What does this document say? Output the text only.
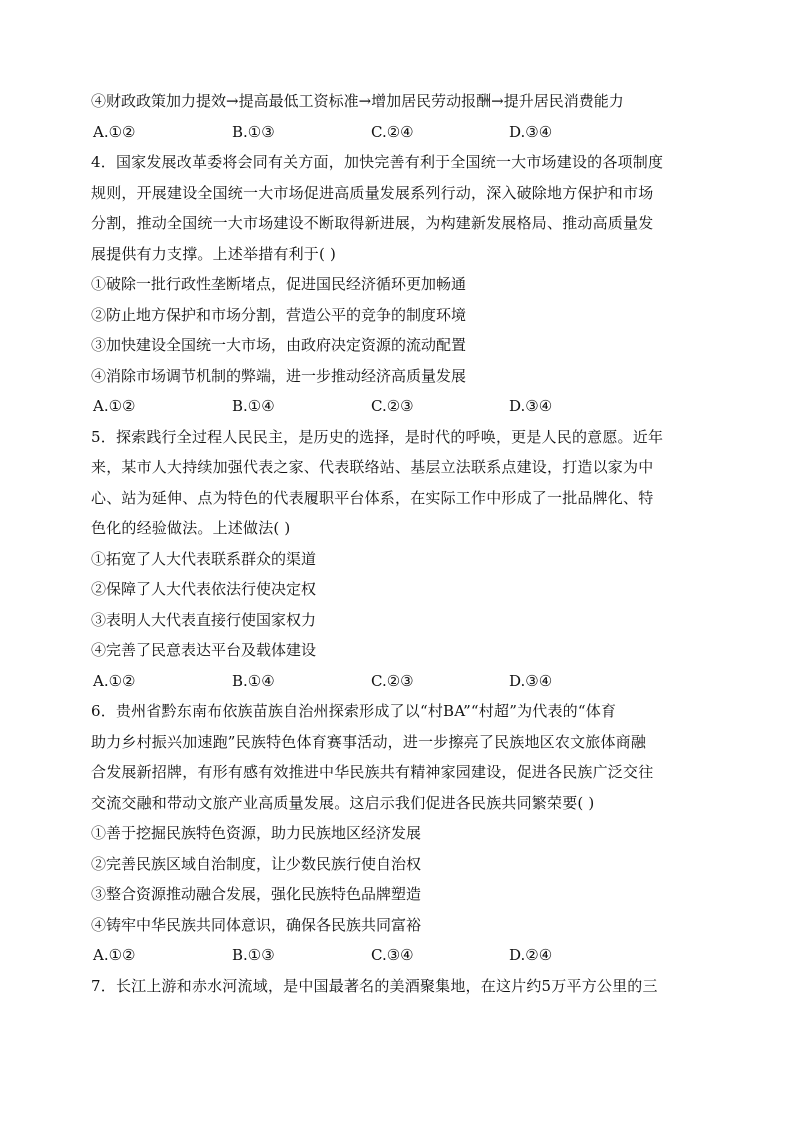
④财政政策加力提效→提高最低工资标准→增加居民劳动报酬→提升居民消费能力
A.①②	B.①③	C.②④	D.③④
4．国家发展改革委将会同有关方面，加快完善有利于全国统一大市场建设的各项制度
规则，开展建设全国统一大市场促进高质量发展系列行动，深入破除地方保护和市场
分割，推动全国统一大市场建设不断取得新进展，为构建新发展格局、推动高质量发
展提供有力支撑。上述举措有利于( )
①破除一批行政性垄断堵点，促进国民经济循环更加畅通
②防止地方保护和市场分割，营造公平的竞争的制度环境
③加快建设全国统一大市场，由政府决定资源的流动配置
④消除市场调节机制的弊端，进一步推动经济高质量发展
A.①②	B.①④	C.②③	D.③④
5．探索践行全过程人民民主，是历史的选择，是时代的呼唤，更是人民的意愿。近年
来，某市人大持续加强代表之家、代表联络站、基层立法联系点建设，打造以家为中
心、站为延伸、点为特色的代表履职平台体系，在实际工作中形成了一批品牌化、特
色化的经验做法。上述做法( )
①拓宽了人大代表联系群众的渠道
②保障了人大代表依法行使决定权
③表明人大代表直接行使国家权力
④完善了民意表达平台及载体建设
A.①②	B.①④	C.②③	D.③④
6．贵州省黔东南布依族苗族自治州探索形成了以“村BA”“村超”为代表的“体育
助力乡村振兴加速跑”民族特色体育赛事活动，进一步擦亮了民族地区农文旅体商融
合发展新招牌，有形有感有效推进中华民族共有精神家园建设，促进各民族广泛交往
交流交融和带动文旅产业高质量发展。这启示我们促进各民族共同繁荣要( )
①善于挖掘民族特色资源，助力民族地区经济发展
②完善民族区域自治制度，让少数民族行使自治权
③整合资源推动融合发展，强化民族特色品牌塑造
④铸牢中华民族共同体意识，确保各民族共同富裕
A.①②	B.①③	C.③④	D.②④
7．长江上游和赤水河流域，是中国最著名的美酒聚集地，在这片约5万平方公里的三
